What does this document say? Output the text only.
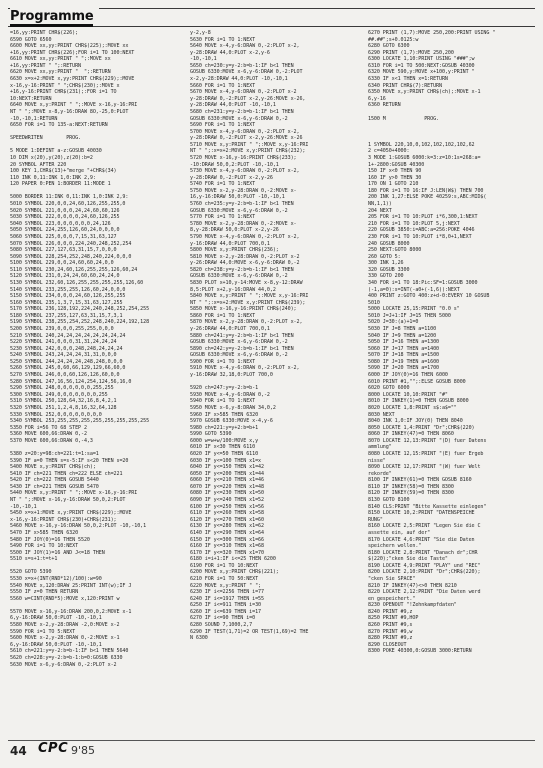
Programme
=16,yy:PRINT CHR$(226);
6590 GOTO 6560
6600 MOVE xx,yy:PRINT CHR$(225);:MOVE xx
+16,yy:PRINT CHR$(226);FOR i=1 TO 100:NEXT
6610 MOVE xx,yy:PRINT " ";:MOVE xx
+16,yy:PRINT " ";:RETURN
6620 MOVE xx,yy:PRINT "  ";:RETURN
6630 x=x+2:MOVE x,yy:PRINT CHR$(229);:MOVE
x-16,y-16:PRINT " ";CHR$(230);:MOVE x
+16,y-16:PRINT CHR$(231);:FOR i=1 TO
10:NEXT:RETURN
6640 MOVE x,y:PRINT " ";:MOVE x-16,y-16:PRI
NT " ";:MOVE x-8,y-16:DRAW 8O,-25,0:PLOT
-10,-10,1:RETURN
6650 FOR i=1 TO 135-a:NEXT:RETURN
SPEEDWRITEN        PROG.
5 MODE 1:DEFINT a-z:GOSUB 40030
10 DIM x(20),y(20),z(20):b=2
20 SYMBOL AFTER 220
100 KEY 1,CHR$(13)+"merge "+CHR$(34)
110 INK 0,11:INK 1,0:INK 2,9:
120 PAPER 0:PEN 1:BORDER 11:MODE 1
5000 BORDER 11:INK 0,11:INK 1,0:INK 2,9:
5010 SYMBOL 220,0,0,24,60,126,255,255,0
5020 SYMBOL 221,0,0,0,24,24,60,60,126
5030 SYMBOL 222,0,0,0,0,24,60,126,255
5040 SYMBOL 223,0,0,0,0,0,0,24,126
5050 SYMBOL 224,255,126,60,24,0,0,0,0
5060 SYMBOL 225,0,0,0,7,15,31,63,127
5070 SYMBOL 226,0,0,0,224,240,248,252,254
5080 SYMBOL 227,127,63,31,15,7,0,0,0
5090 SYMBOL 228,254,252,248,240,224,0,0,0
5100 SYMBOL 229,0,0,24,60,60,24,0,0
5110 SYMBOL 230,24,60,126,255,255,126,60,24
5120 SYMBOL 231,0,24,24,60,60,24,24,0
5130 SYMBOL 232,60,126,255,255,255,255,126,60
5140 SYMBOL 233,255,255,126,60,24,0,0,0
5150 SYMBOL 234,0,0,0,24,60,126,255,255
5160 SYMBOL 235,1,3,7,15,31,63,127,255
5170 SYMBOL 236,128,192,224,240,248,252,254,255
5180 SYMBOL 237,255,127,63,31,15,7,3,1
5190 SYMBOL 238,255,254,252,248,240,224,192,128
5200 SYMBOL 239,0,0,0,255,255,0,0,0
5210 SYMBOL 240,24,24,24,24,24,24,24,24
5220 SYMBOL 241,0,0,0,31,31,24,24,24
5230 SYMBOL 242,0,0,0,248,248,24,24,24
5240 SYMBOL 243,24,24,24,31,31,0,0,0
5250 SYMBOL 244,24,24,24,248,248,0,0,0
5260 SYMBOL 245,0,60,66,129,129,66,60,0
5270 SYMBOL 246,0,0,60,126,126,60,0,0
5280 SYMBOL 247,16,56,124,254,124,56,16,0
5290 SYMBOL 248,0,0,0,0,0,0,255,255
5300 SYMBOL 249,0,0,0,0,0,0,0,255
5310 SYMBOL 250,128,64,32,16,8,4,2,1
5320 SYMBOL 251,1,2,4,8,16,32,64,128
5330 SYMBOL 252,0,0,0,0,0,0,0,0
5340 SYMBOL 253,255,255,255,255,255,255,255,255
5350 FOR i=56 TO 68 STEP 2
5360 MOVE 600,66:DRAW 0,-2
5370 MOVE 600,66:DRAW 0,-4,3
5380 z=20:y=98:ch=221:t=1:sa=1
5390 IF a=0 THEN s=s-5:IF s<20 THEN s=20
5400 MOVE x,y:PRINT CHR$(ch);
5410 IF ch=221 THEN ch=222 ELSE ch=221
5420 IF ch=222 THEN GOSUB 5440
5430 IF ch=221 THEN GOSUB 5470
5440 MOVE x,y:PRINT " ";:MOVE x-16,y-16:PRI
NT " ";:MOVE x-16,y-16:DRAW 50,0,2:PLOT
-10,-10,1
5450 x=x+1:MOVE x,y:PRINT CHR$(229);:MOVE
x-16,y-16:PRINT CHR$(230)+CHR$(231);
5460 MOVE x-16,y-16:DRAW 50,0,2:PLOT -10,-10,1
5470 IF x>585 THEN 6320
5480 IF JOY(0)=16 THEN 5520
5490 FOR i=1 TO 10:NEXT
5500 IF JOY(1)=16 AND J<=18 THEN
5510 s=s+1:t=t+1
5520 GOTO 5390
5530 x=x+(INT(RND*12)/100):w=90
5540 MOVE x,120:DRAW 25:PRINT INT(w);IF J
5550 IF z=0 THEN RETURN
5560 w=CINT(RND*5):MOVE x,120:PRINT w
5570 MOVE x-16,y-16:DRAW 200,0,2:MOVE x-1
6,y-16:DRAW 50,0:PLOT -10,-10,1
5580 MOVE x-2,y-28:DRAW -2,0:MOVE x-2
5590 FOR i=1 TO 5:NEXT
5600 MOVE x-2,y-28:DRAW 0,-2:MOVE x-1
6,y-16:DRAW 50,0:PLOT -10,-10,1
5610 ch=221:y=y-2:b=b-1:IF b<1 THEN 5640
5620 ch=228:y=y-2:b=b-1:b=0:GOSUB 6330
5630 MOVE x-6,y-6:DRAW 0,-2:PLOT x-2
y-2,y-8
5630 FOR i=1 TO 1:NEXT
5640 MOVE x-4,y-6:DRAW 0,-2:PLOT x-2,
y-28:DRAW 44,0:PLOT x-2,y-6
-10,-10,1
5650 ch=230:y=y-2:b=b-1:IF b<1 THEN
GOSUB 6330:MOVE x-6,y-6:DRAW 0,-2:PLOT
x-2,y-28:DRAW 44,0:PLOT -10,-10,1
5660 FOR i=1 TO 1:NEXT
5670 MOVE x-4,y-6:DRAW 0,-2:PLOT x-2
y-28:DRAW 0,-2:PLOT x-2,y-26:MOVE x-26,
y-28:DRAW 44,0:PLOT -10,-10,1
5680 ch=231:y=y-2:b=b-1:IF b<1 THEN
GOSUB 6330:MOVE x-6,y-6:DRAW 0,-2
5690 FOR i=1 TO 1:NEXT
5700 MOVE x-4,y-6:DRAW 0,-2:PLOT x-2,
y-28:DRAW 0,-2:PLOT x-2,y-26:MOVE x-26
5710 MOVE x,y:PRINT " ";:MOVE x,y-16:PRI
NT " ";:x=x+2:MOVE x,y:PRINT CHR$(232);
5720 MOVE x-16,y-16:PRINT CHR$(233);
-10:DRAW 50,0,2:PLOT -10,-10,1
5730 MOVE x-4,y-6:DRAW 0,-2:PLOT x-2,
y-28:DRAW 0,-2:PLOT x-2,y-26
5740 FOR i=1 TO 1:NEXT
5750 MOVE x-2,y-28:DRAW 0,-2:MOVE x-
16,y-16:DRAW 50,0:PLOT -10,-10,1
5760 ch=235:y=y-2:b=b-1:IF b<1 THEN
GOSUB 6330:MOVE x-6,y-6:DRAW 0,-2
5770 FOR i=1 TO 1:NEXT
5780 MOVE x-2,y-28:DRAW 0,-2:MOVE x-
8,y-28:DRAW 50,0:PLOT x-2,y-26
5790 MOVE x-4,y-6:DRAW 0,-2:PLOT x-2,
y-16:DRAW 44,0:PLOT 700,0,1
5800 MOVE x,y:PRINT CHR$(236);
5810 MOVE x-2,y-28:DRAW 0,-2:PLOT x-2
y-26:DRAW 44,0:MOVE x-6,y-6:DRAW 0,-2
5820 ch=238:y=y-2:b=b-1:IF b<1 THEN
GOSUB 6330:MOVE x-6,y-6:DRAW 0,-2
5830 PLOT x+10,y-14:MOVE x-8,y-12:DRAW
8,5:PLOT x+2,y-16:DRAW 44,0,2
5840 MOVE x,y:PRINT " ";:MOVE x,y-16:PRI
NT " ";:x=x+2:MOVE x,y:PRINT CHR$(239);
5850 MOVE x-16,y-16:PRINT CHR$(240);
5860 FOR i=1 TO 1:NEXT
5870 MOVE x-2,y-28:DRAW 0,-2:PLOT x-2,
y-26:DRAW 44,0:PLOT 700,0,1
5880 ch=241:y=y-2:b=b-1:IF b<1 THEN
GOSUB 6330:MOVE x-6,y-6:DRAW 0,-2
5890 ch=242:y=y-2:b=b-1:IF b<1 THEN
GOSUB 6330:MOVE x-6,y-6:DRAW 0,-2
5900 FOR i=1 TO 1:NEXT
5910 MOVE x-4,y-6:DRAW 0,-2:PLOT x-2,
y-16:DRAW 32,18,0:PLOT 700,0
5920 ch=247:y=y-2:b=b-1
5930 MOVE x-4,y-6:DRAW 0,-2
5940 FOR i=1 TO 1:NEXT
5950 MOVE x-6,y-8:DRAW 34,0,2
5960 IF x>585 THEN 6320
5970 GOSUB 6330:MOVE x-4,y-6
5980 ch=221:y=y+2:b=b+1
5990 GOTO 5390
6000 w=w+w/100:MOVE x,y
6010 IF x<30 THEN 6110
6020 IF y<=50 THEN 6110
6030 IF y<=100 THEN x1=x
6040 IF y<=150 THEN x1=42
6050 IF y<=200 THEN x1=44
6060 IF y<=210 THEN x1=46
6070 IF y<=220 THEN x1=48
6080 IF y<=230 THEN x1=50
6090 IF y<=240 THEN x1=52
6100 IF y<=250 THEN x1=56
6110 IF y<=260 THEN x1=58
6120 IF y<=270 THEN x1=60
6130 IF y<=280 THEN x1=62
6140 IF y<=290 THEN x1=64
6150 IF y<=300 THEN x1=66
6160 IF y<=310 THEN x1=68
6170 IF y<=320 THEN x1=70
6180 i=i+1:IF i<=25 THEN 6200
6190 FOR i=1 TO 10:NEXT
6200 MOVE x,y:PRINT CHR$(221);
6210 FOR i=1 TO 50:NEXT
6220 MOVE x,y:PRINT " ";
6230 IF i<=2256 THEN i=77
6240 IF i<=1917 THEN i=55
6250 IF i<=911 THEN i=30
6260 IF i<=639 THEN i=17
6270 IF i<=90 THEN i=0
6280 SOUND 7,1000,2,7
6290 IF TEST(1,71)=2 OR TEST(1,69)=2 THE
N 6300
6270 PRINT (1,7):MOVE 250,200:PRINT USING "
##.##";s+0.0125:w
6280 GOTO 6300
6290 PRINT (1,7):MOVE 250,200
6300 LOCATE 1,10:PRINT USING "###";w
6310 FOR i=1 TO 500:NEXT:GOSUB 40300
6320 MOVE 590,y:MOVE x+100,y:PRINT "
6330 IF x<1 THEN x=1:RETURN
6340 PRINT CHR$(7):RETURN
6350 MOVE x,y:PRINT CHR$(ch);:MOVE x-1
6,y-16
6360 RETURN
1500 M             PROG.
1 SYMBOL 220,10,0,102,102,102,102,62
2 c=4050+4000:
3 MODE 1:GOSUB 6000:k=3:z=10:1s=268:a=
1+-2800:GOSUB 40300
150 IF x<0 THEN 90
160 IF y>0 THEN 30
170 ON 1 GOTO 210
180 FOR i=1 TO 16:IF J:LEN(W$) THEN 700
200 INK 1,27:ELSE POKE 40259:s,ABC:MID$(
NN,1,1))
204 NEXT
205 FOR i=1 TO 10:PLOT i*6,300,1:NEXT
210 FOR i=1 TO 10:PLOT 5,j:NEXT
220 GOSUB 3850:i=ABC:a=256:POKE 4046
230 FOR i=1 TO 10:PLOT i*8,0+1,NEXT
240 GOSUB 8000
250 NEXT:GOTO 8000
260 GOTO 5:
300 INK 1,26
320 GOSUB 3300
330 GOTO 200
340 FOR i=1 TO 18:Pic:SF=1:GOSUB 3000
(-1,a=0):s=INT(-a0+(-1,6)):NEXT
400 PRINT z:GOTO 400:z+d-0:EVERY 10 GOSUB
5010
5000 LOCATE 25,15:PRINT "0.0 s"
5010 J=J+1:IF J=15 THEN 5000
5020 J=30:(a)+1=0
5030 IF J=8 THEN a=1100
5040 IF J=9 THEN a=1200
5050 IF J=16 THEN a=1300
5060 IF J=17 THEN a=1400
5070 IF J=18 THEN a=1500
5080 IF J=19 THEN a=1600
5090 IF J=20 THEN a=1700
6000 IF JOY(0)=16 THEN 6000
6010 PRINT #1,"";:ELSE GOSUB 8000
6020 GOTO 6000
8000 LOCATE 10,10:PRINT "#"
8010 IF INKEY(1)=0 THEN GOSUB 8000
8020 LOCATE 1,8:PRINT s$:a$=""
8030 NEXT
8040 INK 1,0:IF JOY(0) THEN 8040
8050 LOCATE 1,4:PRINT "Dr";CHR$(220)
8060 IF INKEY(47)=0 THEN 8060
8070 LOCATE 12,13:PRINT "(D) fuer Datens
ammlung"
8080 LOCATE 12,15:PRINT "(E) fuer Ergeb
nisse"
8090 LOCATE 12,17:PRINT "(W) fuer Welt
rekorde"
8100 IF INKEY(61)=0 THEN GOSUB 8160
8110 IF INKEY(58)=0 THEN 8300
8120 IF INKEY(59)=0 THEN 8300
8130 GOTO 8100
8140 CLS:PRINT "Bitte Kassette einlegen"
8150 LOCATE 10,2:PRINT "DATENSPEICHE
RUNG"
8160 LOCATE 2,5:PRINT "Legen Sie die C
assette ein, auf der"
8170 LOCATE 4,6:PRINT "Sie die Daten
speichern wollen."
8180 LOCATE 2,8:PRINT "Danach dr";CHR
$(220);"cken Sie die Taste"
8190 LOCATE 4,9:PRINT "PLAY" und "REC"
8200 LOCATE 2,10:PRINT "Dr";CHR$(220);
"cken Sie SPACE"
8210 IF INKEY(47)<>0 THEN 8210
8220 LOCATE 2,12:PRINT "Die Daten werd
en gespeichert."
8230 OPENOUT "!Zehnkampfdaten"
8240 PRINT #9,z
8250 PRINT #9,HOP
8260 PRINT #9,s
8270 PRINT #9,w
8280 PRINT #9,z
8290 CLOSEOUT
8300 POKE 40300,0:GOSUB 3000:RETURN
44 CPC 9'85
